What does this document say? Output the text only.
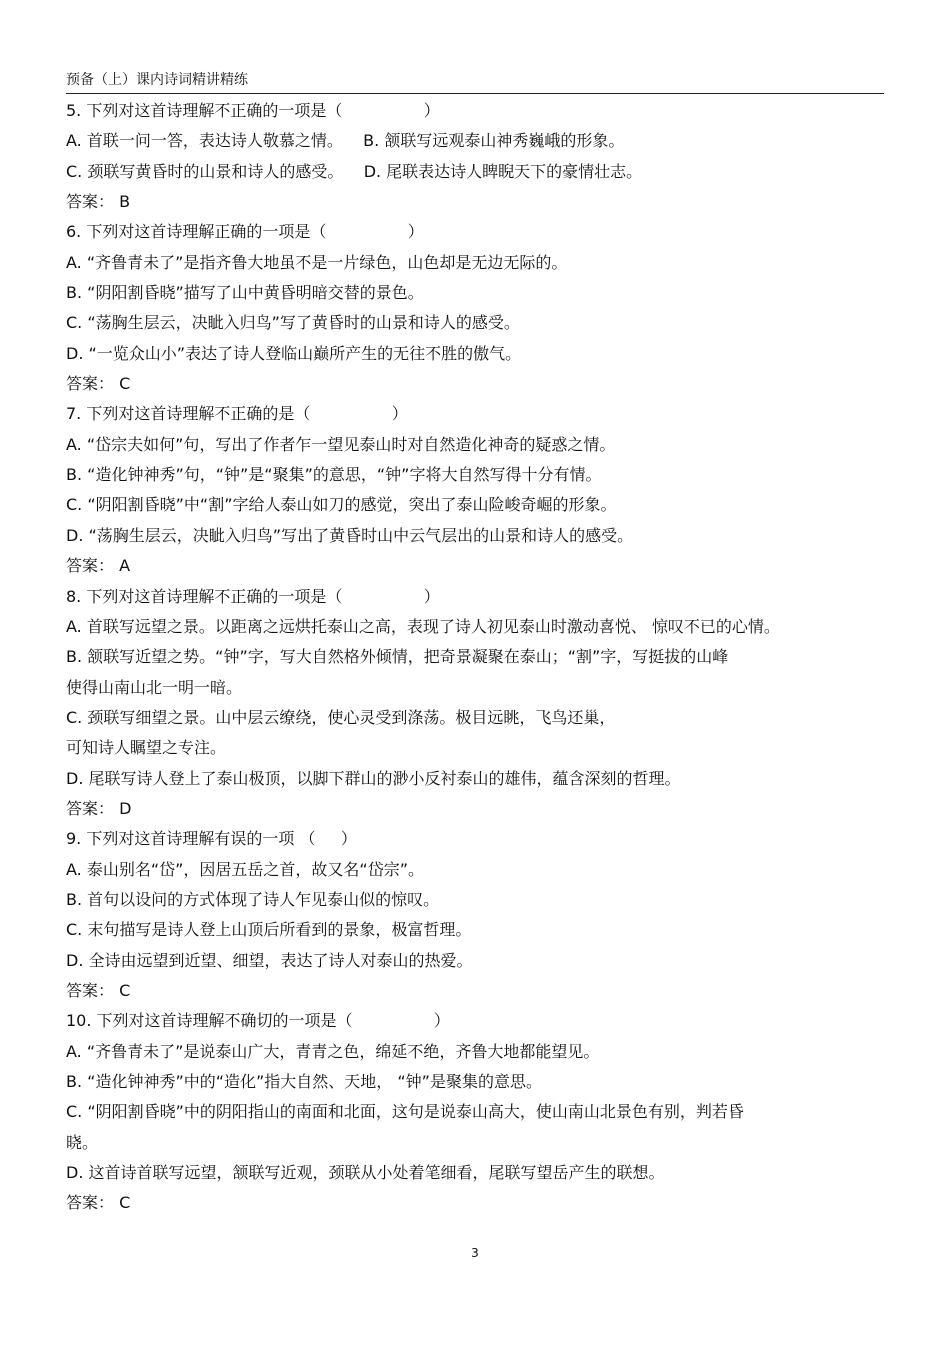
预备（上）课内诗词精讲精练
5. 下列对这首诗理解不正确的一项是（                ）
A. 首联一问一答，表达诗人敬慕之情。    B. 颔联写远观泰山神秀巍峨的形象。
C. 颈联写黄昏时的山景和诗人的感受。    D. 尾联表达诗人睥睨天下的豪情壮志。
答案： B
6. 下列对这首诗理解正确的一项是（                ）
A. “齐鲁青未了”是指齐鲁大地虽不是一片绿色，山色却是无边无际的。
B. “阴阳割昏晓”描写了山中黄昏明暗交替的景色。
C. “荡胸生层云，决眦入归鸟”写了黄昏时的山景和诗人的感受。
D. “一览众山小”表达了诗人登临山巅所产生的无往不胜的傲气。
答案： C
7. 下列对这首诗理解不正确的是（                ）
A. “岱宗夫如何”句，写出了作者乍一望见泰山时对自然造化神奇的疑惑之情。
B. “造化钟神秀”句，“钟”是“聚集”的意思，“钟”字将大自然写得十分有情。
C. “阴阳割昏晓”中“割”字给人泰山如刀的感觉，突出了泰山险峻奇崛的形象。
D. “荡胸生层云，决眦入归鸟”写出了黄昏时山中云气层出的山景和诗人的感受。
答案： A
8. 下列对这首诗理解不正确的一项是（                ）
A. 首联写远望之景。以距离之远烘托泰山之高，表现了诗人初见泰山时激动喜悦、 惊叹不已的心情。
B. 颔联写近望之势。“钟”字，写大自然格外倾情，把奇景凝聚在泰山；“割”字，写挺拔的山峰
使得山南山北一明一暗。
C. 颈联写细望之景。山中层云缭绕，使心灵受到涤荡。极目远眺，飞鸟还巢，
可知诗人瞩望之专注。
D. 尾联写诗人登上了泰山极顶，以脚下群山的渺小反衬泰山的雄伟，蕴含深刻的哲理。
答案： D
9. 下列对这首诗理解有误的一项 （     ）
A. 泰山别名“岱”，因居五岳之首，故又名“岱宗”。
B. 首句以设问的方式体现了诗人乍见泰山似的惊叹。
C. 末句描写是诗人登上山顶后所看到的景象，极富哲理。
D. 全诗由远望到近望、细望，表达了诗人对泰山的热爱。
答案： C
10. 下列对这首诗理解不确切的一项是（                ）
A. “齐鲁青未了”是说泰山广大，青青之色，绵延不绝，齐鲁大地都能望见。
B. “造化钟神秀”中的“造化”指大自然、天地， “钟”是聚集的意思。
C. “阴阳割昏晓”中的阴阳指山的南面和北面，这句是说泰山高大，使山南山北景色有别，判若昏
晓。
D. 这首诗首联写远望，颔联写近观，颈联从小处着笔细看，尾联写望岳产生的联想。
答案： C
3
